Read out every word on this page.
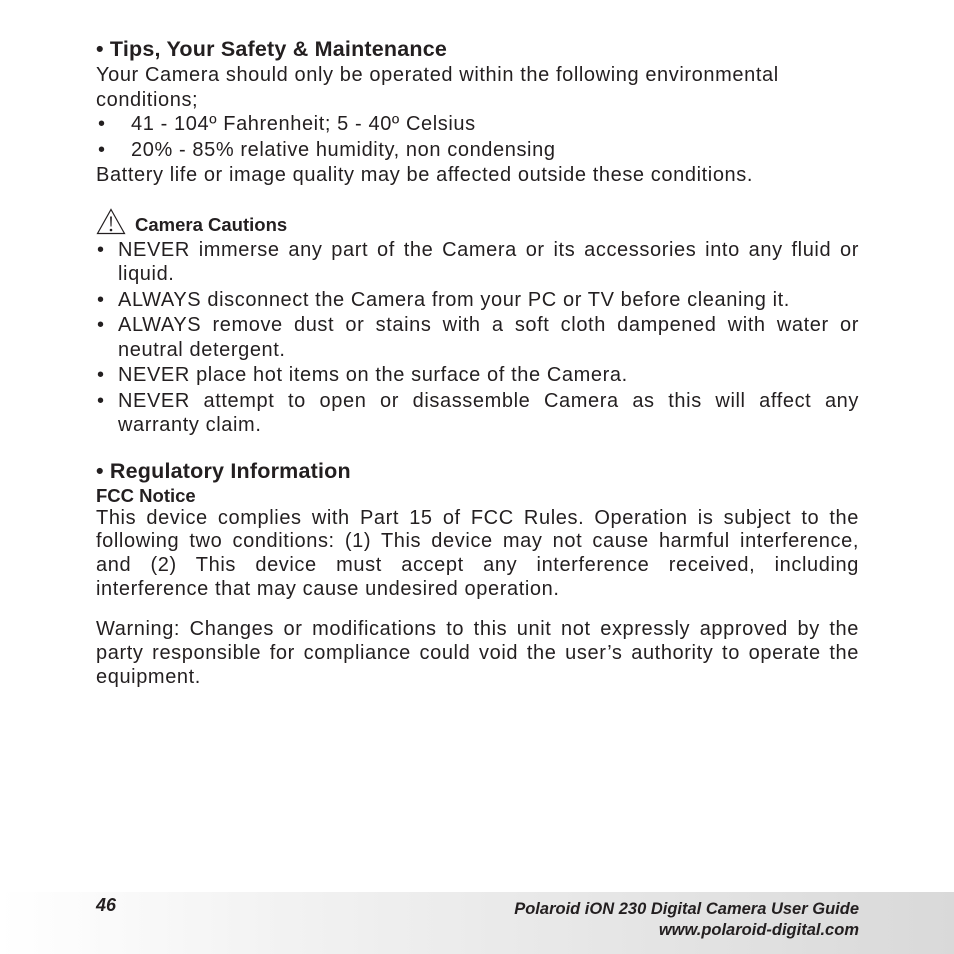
• Tips, Your Safety & Maintenance

Your Camera should only be operated within the following environmental conditions;

• 41 - 104º Fahrenheit; 5 - 40º Celsius
• 20% - 85% relative humidity, non condensing

Battery life or image quality may be affected outside these conditions.

Camera Cautions
• NEVER immerse any part of the Camera or its accessories into any fluid or liquid.
• ALWAYS disconnect the Camera from your PC or TV before cleaning it.
• ALWAYS remove dust or stains with a soft cloth dampened with water or neutral detergent.
• NEVER place hot items on the surface of the Camera.
• NEVER attempt to open or disassemble Camera as this will affect any warranty claim.
• Regulatory Information
FCC Notice

This device complies with Part 15 of FCC Rules. Operation is subject to the following two conditions: (1) This device may not cause harmful interference, and (2) This device must accept any interference received, including interference that may cause undesired operation.

Warning: Changes or modifications to this unit not expressly approved by the party responsible for compliance could void the user’s authority to operate the equipment.

46	Polaroid iON 230 Digital Camera User Guide
www.polaroid-digital.com
